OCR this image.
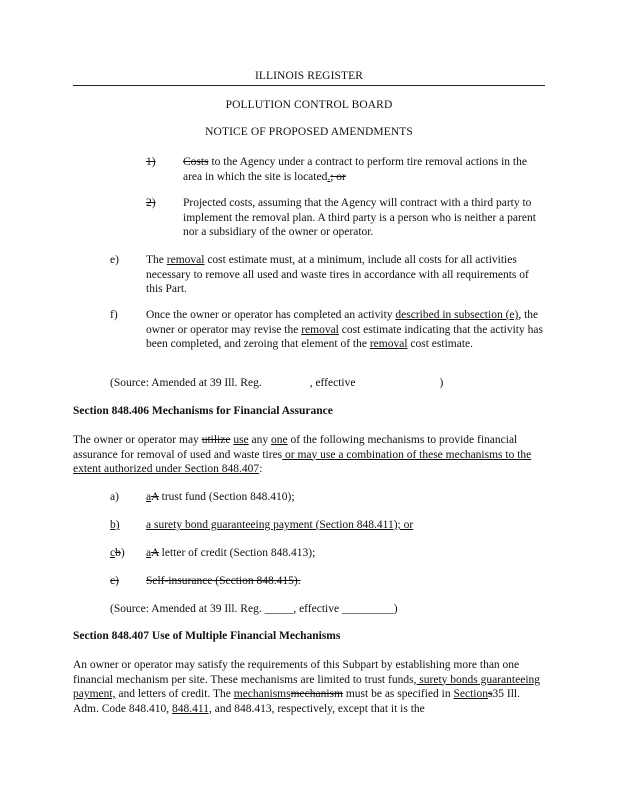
ILLINOIS REGISTER
POLLUTION CONTROL BOARD
NOTICE OF PROPOSED AMENDMENTS
1) Costs to the Agency under a contract to perform tire removal actions in the area in which the site is located.; or
2) Projected costs, assuming that the Agency will contract with a third party to implement the removal plan. A third party is a person who is neither a parent nor a subsidiary of the owner or operator.
e) The removal cost estimate must, at a minimum, include all costs for all activities necessary to remove all used and waste tires in accordance with all requirements of this Part.
f) Once the owner or operator has completed an activity described in subsection (e), the owner or operator may revise the removal cost estimate indicating that the activity has been completed, and zeroing that element of the removal cost estimate.
(Source: Amended at 39 Ill. Reg.	, effective	)
Section 848.406 Mechanisms for Financial Assurance
The owner or operator may utilize use any one of the following mechanisms to provide financial assurance for removal of used and waste tires or may use a combination of these mechanisms to the extent authorized under Section 848.407:
a) aA trust fund (Section 848.410);
b) a surety bond guaranteeing payment (Section 848.411); or
cb) aA letter of credit (Section 848.413);
c) Self-insurance (Section 848.415).
(Source: Amended at 39 Ill. Reg. _____, effective _________)
Section 848.407 Use of Multiple Financial Mechanisms
An owner or operator may satisfy the requirements of this Subpart by establishing more than one financial mechanism per site. These mechanisms are limited to trust funds, surety bonds guaranteeing payment, and letters of credit. The mechanismsmechanism must be as specified in Sections35 Ill. Adm. Code 848.410, 848.411, and 848.413, respectively, except that it is the
